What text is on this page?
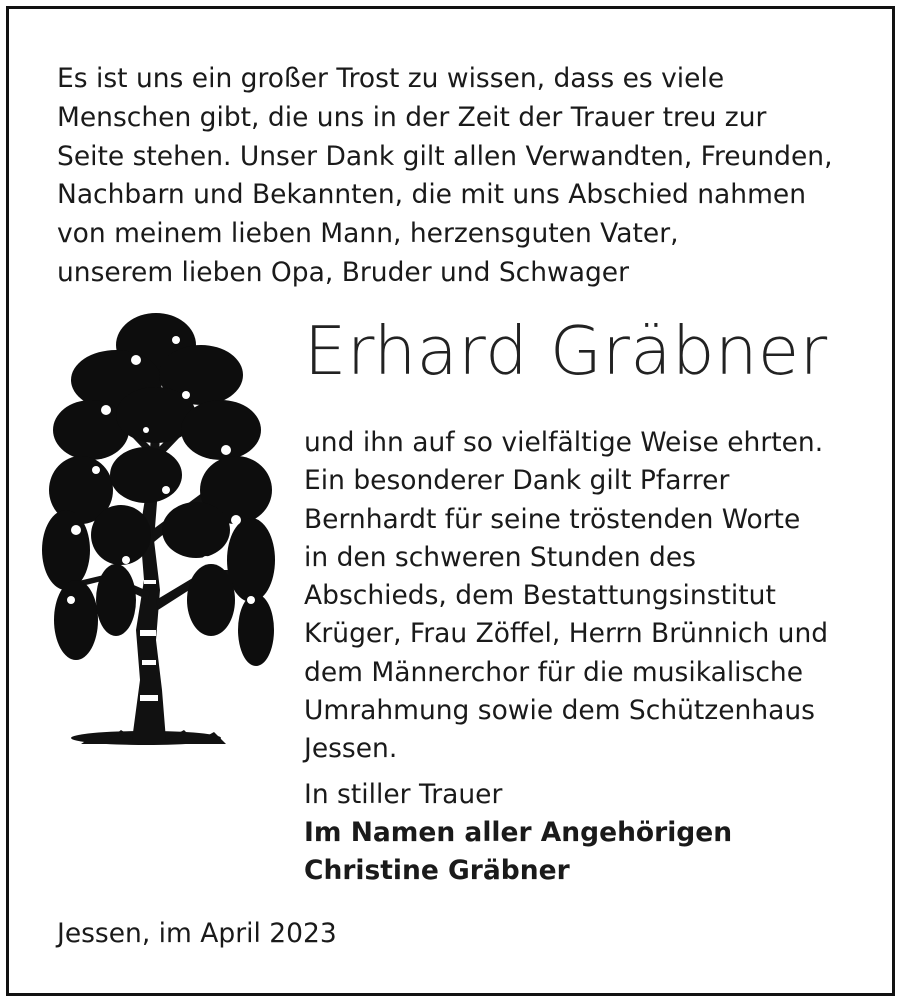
Es ist uns ein großer Trost zu wissen, dass es viele
Menschen gibt, die uns in der Zeit der Trauer treu zur
Seite stehen. Unser Dank gilt allen Verwandten, Freunden,
Nachbarn und Bekannten, die mit uns Abschied nahmen
von meinem lieben Mann, herzensguten Vater,
unserem lieben Opa, Bruder und Schwager
Erhard Gräbner
und ihn auf so vielfältige Weise ehrten.
Ein besonderer Dank gilt Pfarrer
Bernhardt für seine tröstenden Worte
in den schweren Stunden des
Abschieds, dem Bestattungsinstitut
Krüger, Frau Zöffel, Herrn Brünnich und
dem Männerchor für die musikalische
Umrahmung sowie dem Schützenhaus
Jessen.
In stiller Trauer
Im Namen aller Angehörigen
Christine Gräbner
Jessen, im April 2023
